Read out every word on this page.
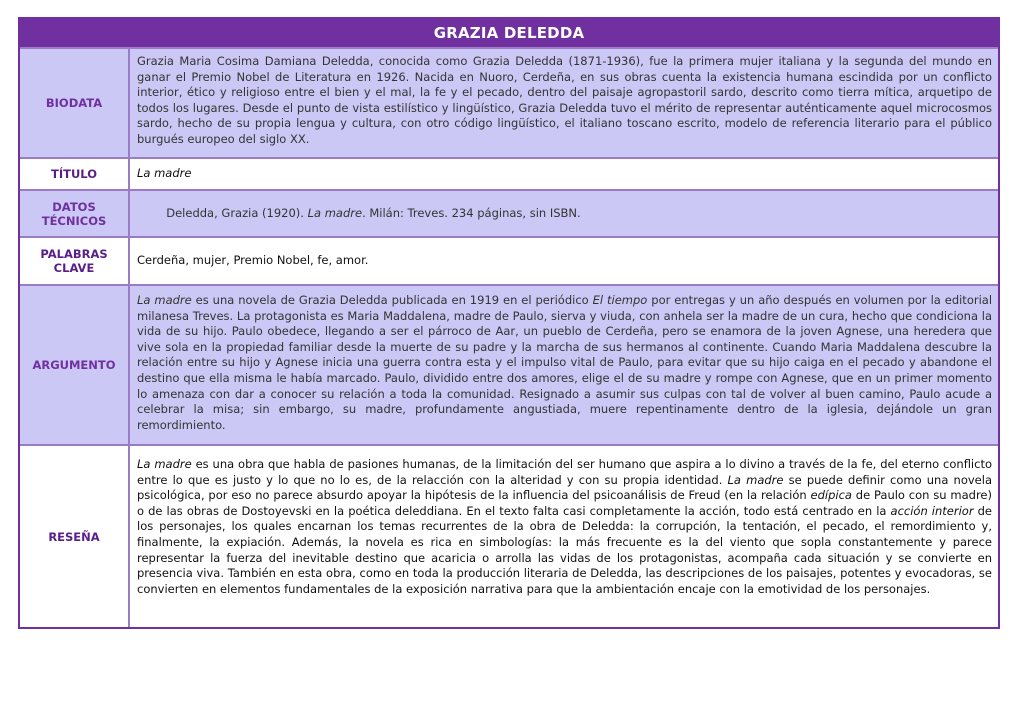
GRAZIA DELEDDA
BIODATA
Grazia Maria Cosima Damiana Deledda, conocida como Grazia Deledda (1871-1936), fue la primera mujer italiana y la segunda del mundo en ganar el Premio Nobel de Literatura en 1926. Nacida en Nuoro, Cerdeña, en sus obras cuenta la existencia humana escindida por un conflicto interior, ético y religioso entre el bien y el mal, la fe y el pecado, dentro del paisaje agropastoril sardo, descrito como tierra mítica, arquetipo de todos los lugares. Desde el punto de vista estilístico y lingüístico, Grazia Deledda tuvo el mérito de representar auténticamente aquel microcosmos sardo, hecho de su propia lengua y cultura, con otro código lingüístico, el italiano toscano escrito, modelo de referencia literario para el público burgués europeo del siglo XX.
TÍTULO	La madre
DATOS TÉCNICOS

Deledda, Grazia (1920). La madre. Milán: Treves. 234 páginas, sin ISBN.

PALABRAS CLAVE
Cerdeña, mujer, Premio Nobel, fe, amor.
ARGUMENTO
La madre es una novela de Grazia Deledda publicada en 1919 en el periódico El tiempo por entregas y un año después en volumen por la editorial milanesa Treves. La protagonista es Maria Maddalena, madre de Paulo, sierva y viuda, con anhela ser la madre de un cura, hecho que condiciona la vida de su hijo. Paulo obedece, llegando a ser el párroco de Aar, un pueblo de Cerdeña, pero se enamora de la joven Agnese, una heredera que vive sola en la propiedad familiar desde la muerte de su padre y la marcha de sus hermanos al continente. Cuando Maria Maddalena descubre la relación entre su hijo y Agnese inicia una guerra contra esta y el impulso vital de Paulo, para evitar que su hijo caiga en el pecado y abandone el destino que ella misma le había marcado. Paulo, dividido entre dos amores, elige el de su madre y rompe con Agnese, que en un primer momento lo amenaza con dar a conocer su relación a toda la comunidad. Resignado a asumir sus culpas con tal de volver al buen camino, Paulo acude a celebrar la misa; sin embargo, su madre, profundamente angustiada, muere repentinamente dentro de la iglesia, dejándole un gran remordimiento.
RESEÑA
La madre es una obra que habla de pasiones humanas, de la limitación del ser humano que aspira a lo divino a través de la fe, del eterno conflicto entre lo que es justo y lo que no lo es, de la relacción con la alteridad y con su propia identidad. La madre se puede definir como una novela psicológica, por eso no parece absurdo apoyar la hipótesis de la influencia del psicoanálisis de Freud (en la relación edípica de Paulo con su madre) o de las obras de Dostoyevski en la poética deleddiana. En el texto falta casi completamente la acción, todo está centrado en la acción interior de los personajes, los quales encarnan los temas recurrentes de la obra de Deledda: la corrupción, la tentación, el pecado, el remordimiento y, finalmente, la expiación. Además, la novela es rica en simbologías: la más frecuente es la del viento que sopla constantemente y parece representar la fuerza del inevitable destino que acaricia o arrolla las vidas de los protagonistas, acompaña cada situación y se convierte en presencia viva. También en esta obra, como en toda la producción literaria de Deledda, las descripciones de los paisajes, potentes y evocadoras, se convierten en elementos fundamentales de la exposición narrativa para que la ambientación encaje con la emotividad de los personajes.
